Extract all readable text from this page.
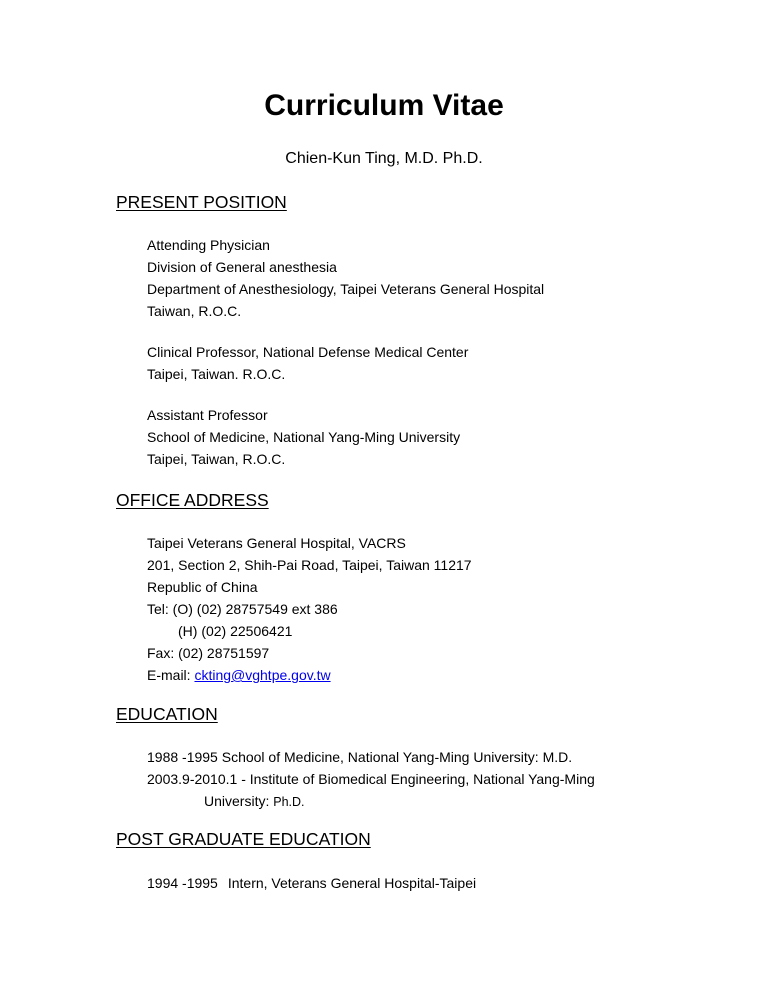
Curriculum Vitae
Chien-Kun Ting, M.D. Ph.D.
PRESENT POSITION
Attending Physician
Division of General anesthesia
Department of Anesthesiology, Taipei Veterans General Hospital
Taiwan, R.O.C.
Clinical Professor, National Defense Medical Center
Taipei, Taiwan. R.O.C.
Assistant Professor
School of Medicine, National Yang-Ming University
Taipei, Taiwan, R.O.C.
OFFICE ADDRESS
Taipei Veterans General Hospital, VACRS
201, Section 2, Shih-Pai Road, Taipei, Taiwan 11217
Republic of China
Tel: (O) (02) 28757549 ext 386
(H) (02) 22506421
Fax: (02) 28751597
E-mail: ckting@vghtpe.gov.tw
EDUCATION
1988 -1995 School of Medicine, National Yang-Ming University: M.D.
2003.9-2010.1 - Institute of Biomedical Engineering, National Yang-Ming
University: Ph.D.
POST GRADUATE EDUCATION
1994 -1995 Intern, Veterans General Hospital-Taipei
